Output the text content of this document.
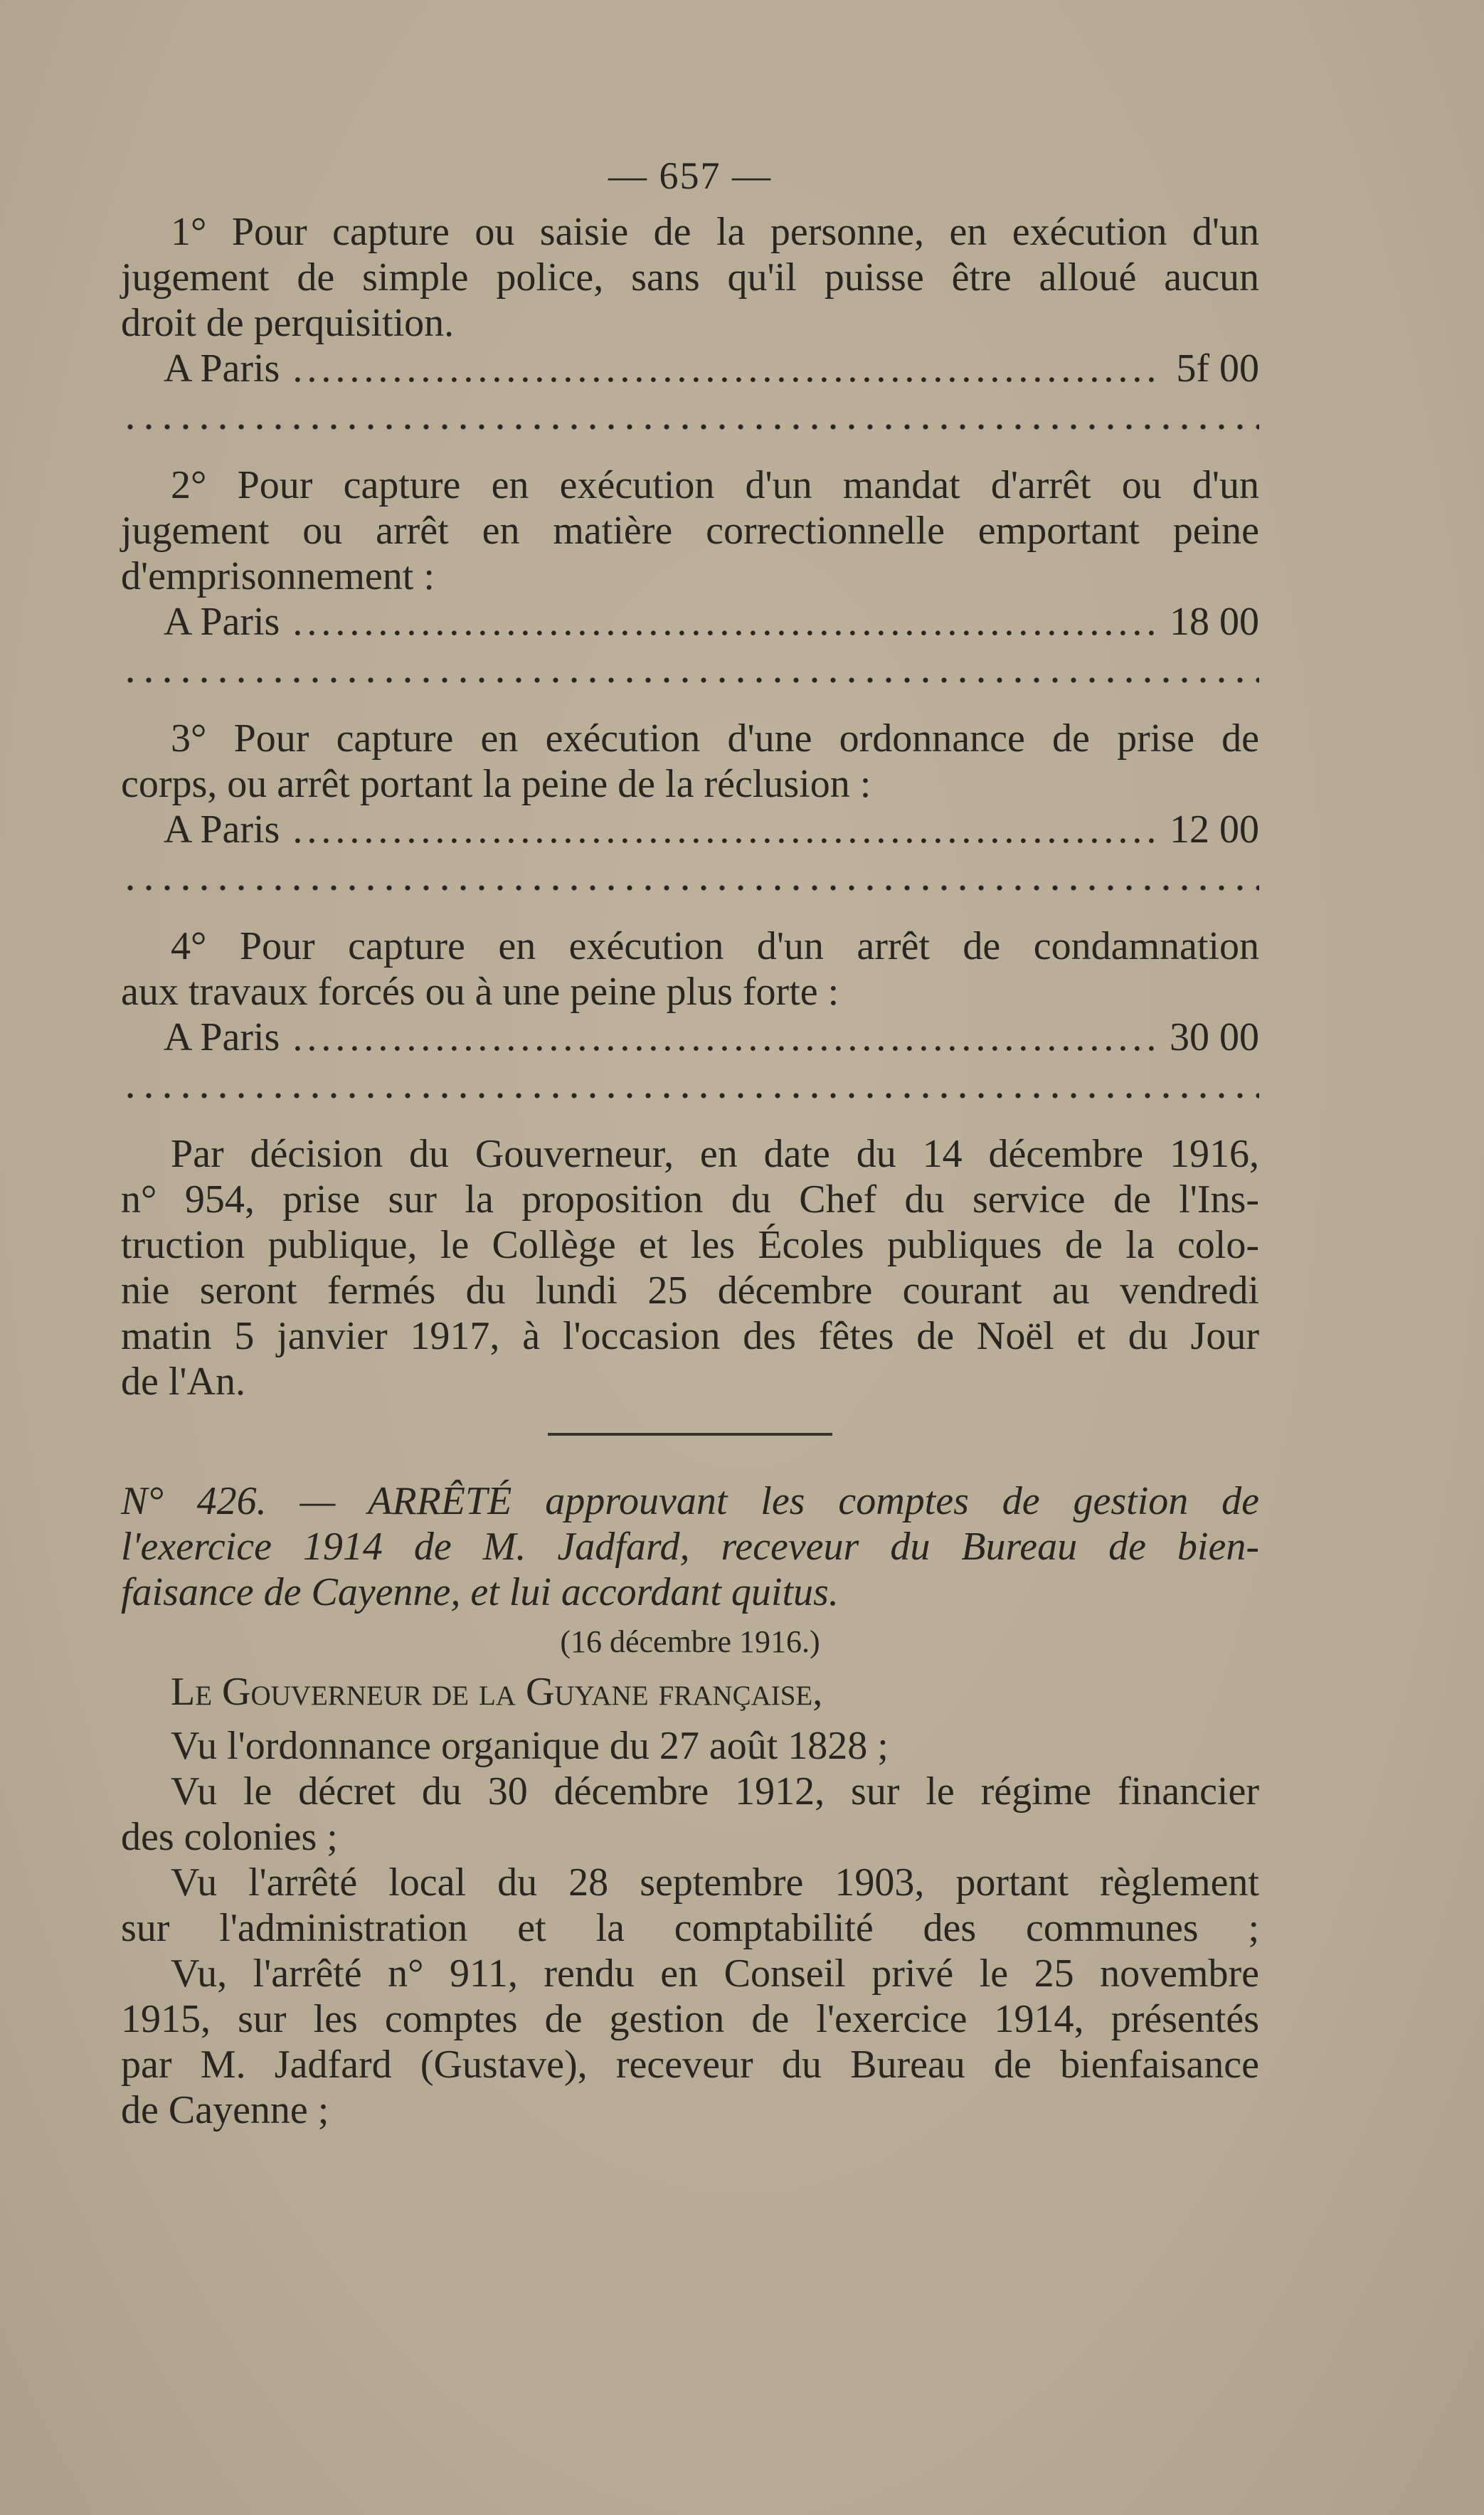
— 657 —
1° Pour capture ou saisie de la personne, en exécution d'un
jugement de simple police, sans qu'il puisse être alloué aucun
droit de perquisition.
A Paris .....	5f 00
2° Pour capture en exécution d'un mandat d'arrêt ou d'un
jugement ou arrêt en matière correctionnelle emportant peine
d'emprisonnement :
A Paris .....	18 00
3° Pour capture en exécution d'une ordonnance de prise de
corps, ou arrêt portant la peine de la réclusion :
A Paris .....	12 00
4° Pour capture en exécution d'un arrêt de condamnation
aux travaux forcés ou à une peine plus forte :
A Paris .....	30 00
Par décision du Gouverneur, en date du 14 décembre 1916,
n° 954, prise sur la proposition du Chef du service de l'Ins-
truction publique, le Collège et les Écoles publiques de la colo-
nie seront fermés du lundi 25 décembre courant au vendredi
matin 5 janvier 1917, à l'occasion des fêtes de Noël et du Jour
de l'An.
N° 426. — ARRÊTÉ approuvant les comptes de gestion de
l'exercice 1914 de M. Jadfard, receveur du Bureau de bien-
faisance de Cayenne, et lui accordant quitus.
(16 décembre 1916.)
Le Gouverneur de la Guyane française,
Vu l'ordonnance organique du 27 août 1828 ;
Vu le décret du 30 décembre 1912, sur le régime financier
des colonies ;
Vu l'arrêté local du 28 septembre 1903, portant règlement
sur l'administration et la comptabilité des communes ;
Vu, l'arrêté n° 911, rendu en Conseil privé le 25 novembre
1915, sur les comptes de gestion de l'exercice 1914, présentés
par M. Jadfard (Gustave), receveur du Bureau de bienfaisance
de Cayenne ;
